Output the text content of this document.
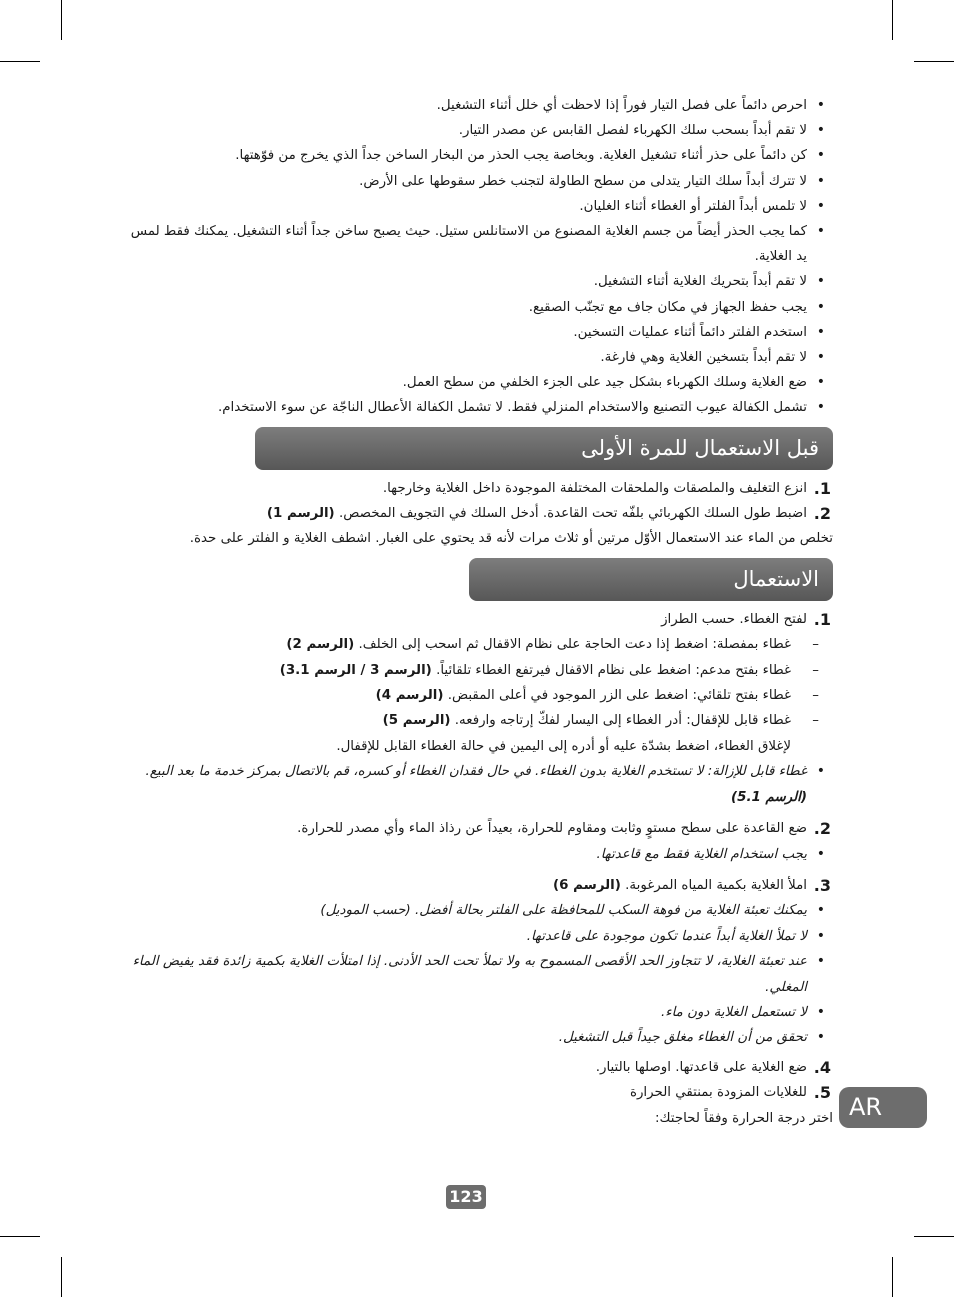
• احرص دائماً على فصل التيار فوراً إذا لاحظت أي خلل أثناء التشغيل.
• لا تقم أبداً بسحب سلك الكهرباء لفصل القابس عن مصدر التيار.
• كن دائماً على حذر أثناء تشغيل الغلاية. وبخاصة يجب الحذر من البخار الساخن جداً الذي يخرج من فوّهتها.
• لا تترك أبداً سلك التيار يتدلى من سطح الطاولة لتجنب خطر سقوطها على الأرض.
• لا تلمس أبداً الفلتر أو الغطاء أثناء الغليان.
• كما يجب الحذر أيضاً من جسم الغلاية المصنوع من الاستانلس ستيل. حيث يصبح ساخن جداً أثناء التشغيل. يمكنك فقط لمس يد الغلاية.
• لا تقم أبداً بتحريك الغلاية أثناء التشغيل.
• يجب حفظ الجهاز في مكان جاف مع تجنّب الصقيع.
• استخدم الفلتر دائماً أثناء عمليات التسخين.
• لا تقم أبداً بتسخين الغلاية وهي فارغة.
• ضع الغلاية وسلك الكهرباء بشكل جيد على الجزء الخلفي من سطح العمل.
• تشمل الكفالة عيوب التصنيع والاستخدام المنزلي فقط. لا تشمل الكفالة الأعطال الناجّة عن سوء الاستخدام.
قبل الاستعمال للمرة الأولى
1.
انزع التغليف والملصقات والملحقات المختلفة الموجودة داخل الغلاية وخارجها.
2.
اضبط طول السلك الكهربائي بلفّه تحت القاعدة. أدخل السلك في التجويف المخصص. (الرسم 1)
تخلص من الماء عند الاستعمال الأوّل مرتين أو ثلاث مرات لأنه قد يحتوي على الغبار. اشطف الغلاية و الفلتر على حدة.
الاستعمال
1.
لفتح الغطاء. حسب الطراز
– غطاء بمفصلة: اضغط إذا دعت الحاجة على نظام الاقفال ثم اسحب إلى الخلف. (الرسم 2)
– غطاء بفتح مدعم: اضغط على نظام الاقفال فيرتفع الغطاء تلقائياً. (الرسم 3 / الرسم 3.1)
– غطاء بفتح تلقائي: اضغط على الزر الموجود في أعلى المقبض. (الرسم 4)
– غطاء قابل للإقفال: أدر الغطاء إلى اليسار لفكّ إرتاجه وارفعه. (الرسم 5)
لإغلاق الغطاء، اضغط بشدّة عليه أو أدره إلى اليمين في حالة الغطاء القابل للإقفال.
• غطاء قابل للإزالة: لا تستخدم الغلاية بدون الغطاء. في حال فقدان الغطاء أو كسره، قم بالاتصال بمركز خدمة ما بعد البيع. (الرسم 5.1)
2.
ضع القاعدة على سطح مستوٍ وثابت ومقاوم للحرارة، بعيداً عن رذاذ الماء وأي مصدر للحرارة.
• يجب استخدام الغلاية فقط مع قاعدتها.
3.
املأ الغلاية بكمية المياه المرغوبة. (الرسم 6)
• يمكنك تعبئة الغلاية من فوهة السكب للمحافظة على الفلتر بحالة أفضل. (حسب الموديل)
• لا تملأ الغلاية أبداً عندما تكون موجودة على قاعدتها.
• عند تعبئة الغلاية، لا تتجاوز الحد الأقصى المسموح به ولا تملأ تحت الحد الأدنى. إذا امتلأت الغلاية بكمية زائدة فقد يفيض الماء المغلي.
• لا تستعمل الغلاية دون ماء.
• تحقق من أن الغطاء مغلق جيداً قبل التشغيل.
4.
ضع الغلاية على قاعدتها. اوصلها بالتيار.
5.
للغلايات المزودة بمنتقي الحرارة
اختر درجة الحرارة وفقاً لحاجتك: AR
123
